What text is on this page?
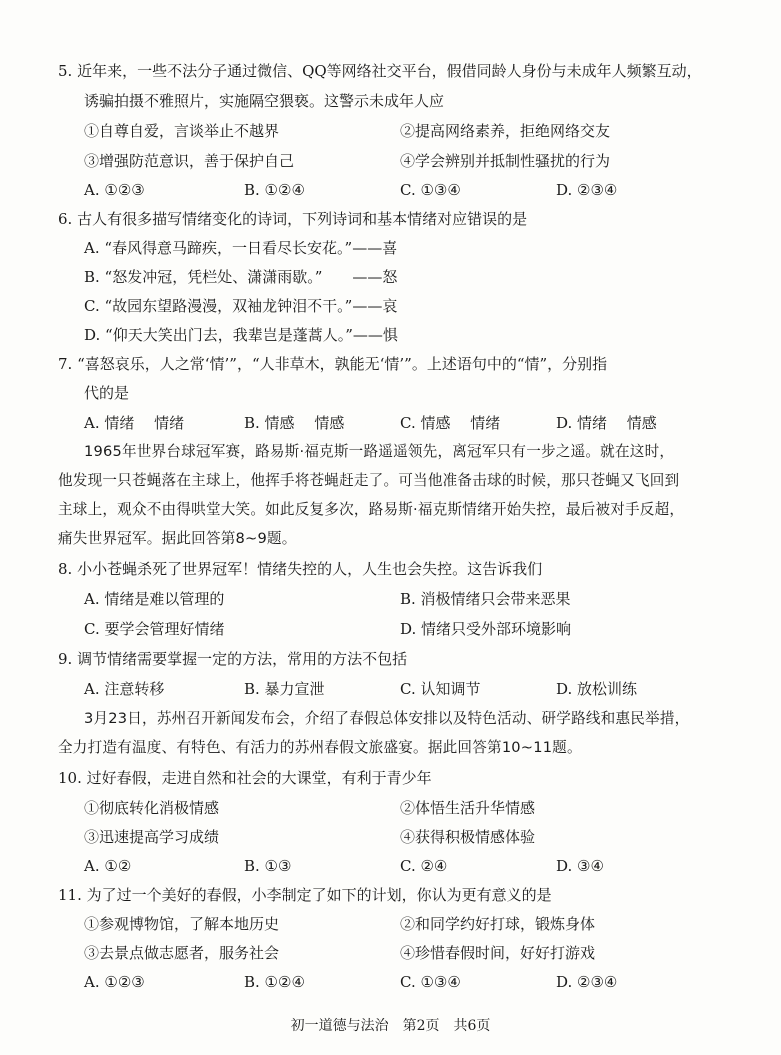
5. 近年来，一些不法分子通过微信、QQ等网络社交平台，假借同龄人身份与未成年人频繁互动，
诱骗拍摄不雅照片，实施隔空猥亵。这警示未成年人应
①自尊自爱，言谈举止不越界	②提高网络素养，拒绝网络交友
③增强防范意识，善于保护自己	④学会辨别并抵制性骚扰的行为
A. ①②③	B. ①②④	C. ①③④	D. ②③④
6. 古人有很多描写情绪变化的诗词，下列诗词和基本情绪对应错误的是
A. “春风得意马蹄疾，一日看尽长安花。”——喜
B. “怒发冲冠，凭栏处、潇潇雨歇。”　　——怒
C. “故园东望路漫漫，双袖龙钟泪不干。”——哀
D. “仰天大笑出门去，我辈岂是蓬蒿人。”——惧
7. “喜怒哀乐，人之常‘情’”，“人非草木，孰能无‘情’”。上述语句中的“情”，分别指
代的是
A. 情绪　 情绪	B. 情感　 情感	C. 情感　 情绪	D. 情绪　 情感
1965年世界台球冠军赛，路易斯·福克斯一路遥遥领先，离冠军只有一步之遥。就在这时，
他发现一只苍蝇落在主球上，他挥手将苍蝇赶走了。可当他准备击球的时候，那只苍蝇又飞回到
主球上，观众不由得哄堂大笑。如此反复多次，路易斯·福克斯情绪开始失控，最后被对手反超，
痛失世界冠军。据此回答第8~9题。
8. 小小苍蝇杀死了世界冠军！情绪失控的人，人生也会失控。这告诉我们
A. 情绪是难以管理的	B. 消极情绪只会带来恶果
C. 要学会管理好情绪	D. 情绪只受外部环境影响
9. 调节情绪需要掌握一定的方法，常用的方法不包括
A. 注意转移	B. 暴力宣泄	C. 认知调节	D. 放松训练
3月23日，苏州召开新闻发布会，介绍了春假总体安排以及特色活动、研学路线和惠民举措，
全力打造有温度、有特色、有活力的苏州春假文旅盛宴。据此回答第10~11题。
10. 过好春假，走进自然和社会的大课堂，有利于青少年
①彻底转化消极情感	②体悟生活升华情感
③迅速提高学习成绩	④获得积极情感体验
A. ①②	B. ①③	C. ②④	D. ③④
11. 为了过一个美好的春假，小李制定了如下的计划，你认为更有意义的是
①参观博物馆，了解本地历史	②和同学约好打球，锻炼身体
③去景点做志愿者，服务社会	④珍惜春假时间，好好打游戏
A. ①②③	B. ①②④	C. ①③④	D. ②③④
初一道德与法治　第2页　共6页
